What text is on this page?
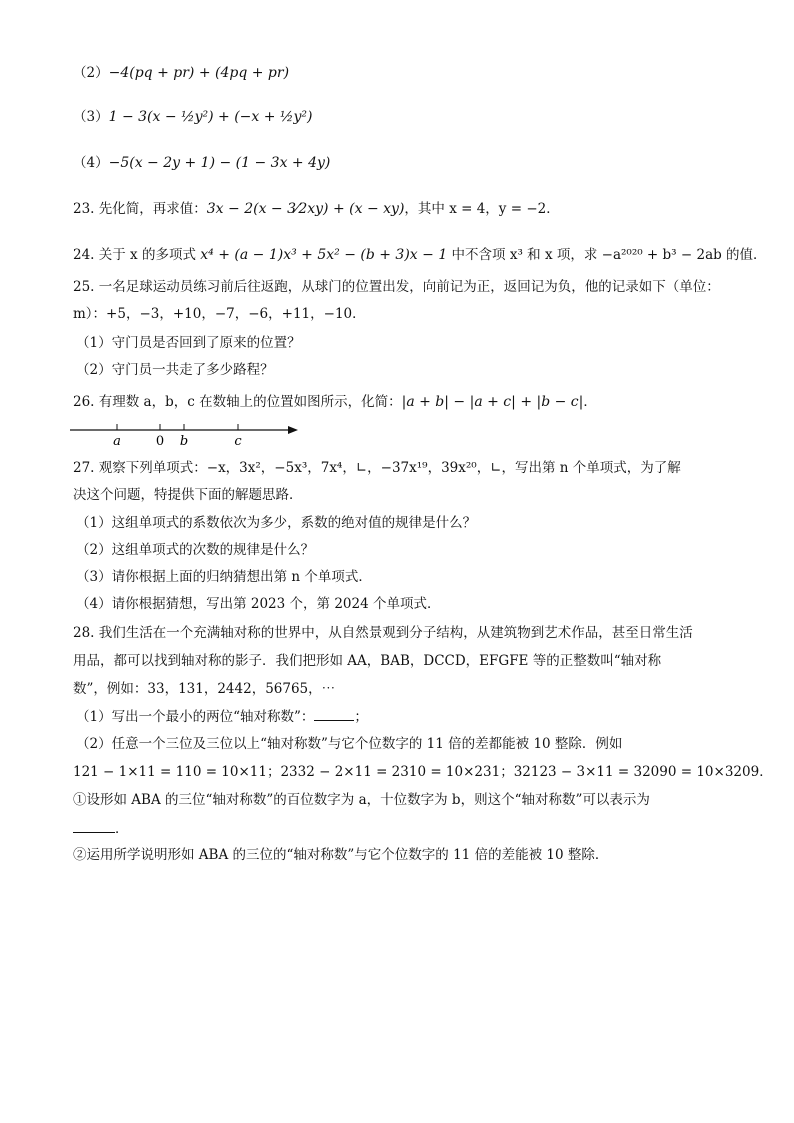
（2）−4(pq + pr) + (4pq + pr)
（3）1 − 3(x − ½y²) + (−x + ½y²)
（4）−5(x − 2y + 1) − (1 − 3x + 4y)
23. 先化简，再求值：3x − 2(x − 3⁄2xy) + (x − xy)，其中 x = 4，y = −2．
24. 关于 x 的多项式 x⁴ + (a − 1)x³ + 5x² − (b + 3)x − 1 中不含项 x³ 和 x 项，求 −a²⁰²⁰ + b³ − 2ab 的值．
25. 一名足球运动员练习前后往返跑，从球门的位置出发，向前记为正，返回记为负，他的记录如下（单位：
m）：+5，−3，+10，−7，−6，+11，−10．
（1）守门员是否回到了原来的位置？
（2）守门员一共走了多少路程？
26. 有理数 a，b，c 在数轴上的位置如图所示，化简：|a + b| − |a + c| + |b − c|．
a	0 b	c
27. 观察下列单项式：−x，3x²，−5x³，7x⁴，∟，−37x¹⁹，39x²⁰，∟，写出第 n 个单项式，为了解
决这个问题，特提供下面的解题思路．
（1）这组单项式的系数依次为多少，系数的绝对值的规律是什么？
（2）这组单项式的次数的规律是什么？
（3）请你根据上面的归纳猜想出第 n 个单项式．
（4）请你根据猜想，写出第 2023 个，第 2024 个单项式．
28. 我们生活在一个充满轴对称的世界中，从自然景观到分子结构，从建筑物到艺术作品，甚至日常生活
用品，都可以找到轴对称的影子．我们把形如 AA，BAB，DCCD，EFGFE 等的正整数叫“轴对称
数”，例如：33，131，2442，56765，⋯
（1）写出一个最小的两位“轴对称数”：	；
（2）任意一个三位及三位以上“轴对称数”与它个位数字的 11 倍的差都能被 10 整除．例如
121 − 1×11 = 110 = 10×11；2332 − 2×11 = 2310 = 10×231；32123 − 3×11 = 32090 = 10×3209．
①设形如 ABA 的三位“轴对称数”的百位数字为 a，十位数字为 b，则这个“轴对称数”可以表示为
．
②运用所学说明形如 ABA 的三位的“轴对称数”与它个位数字的 11 倍的差能被 10 整除．
